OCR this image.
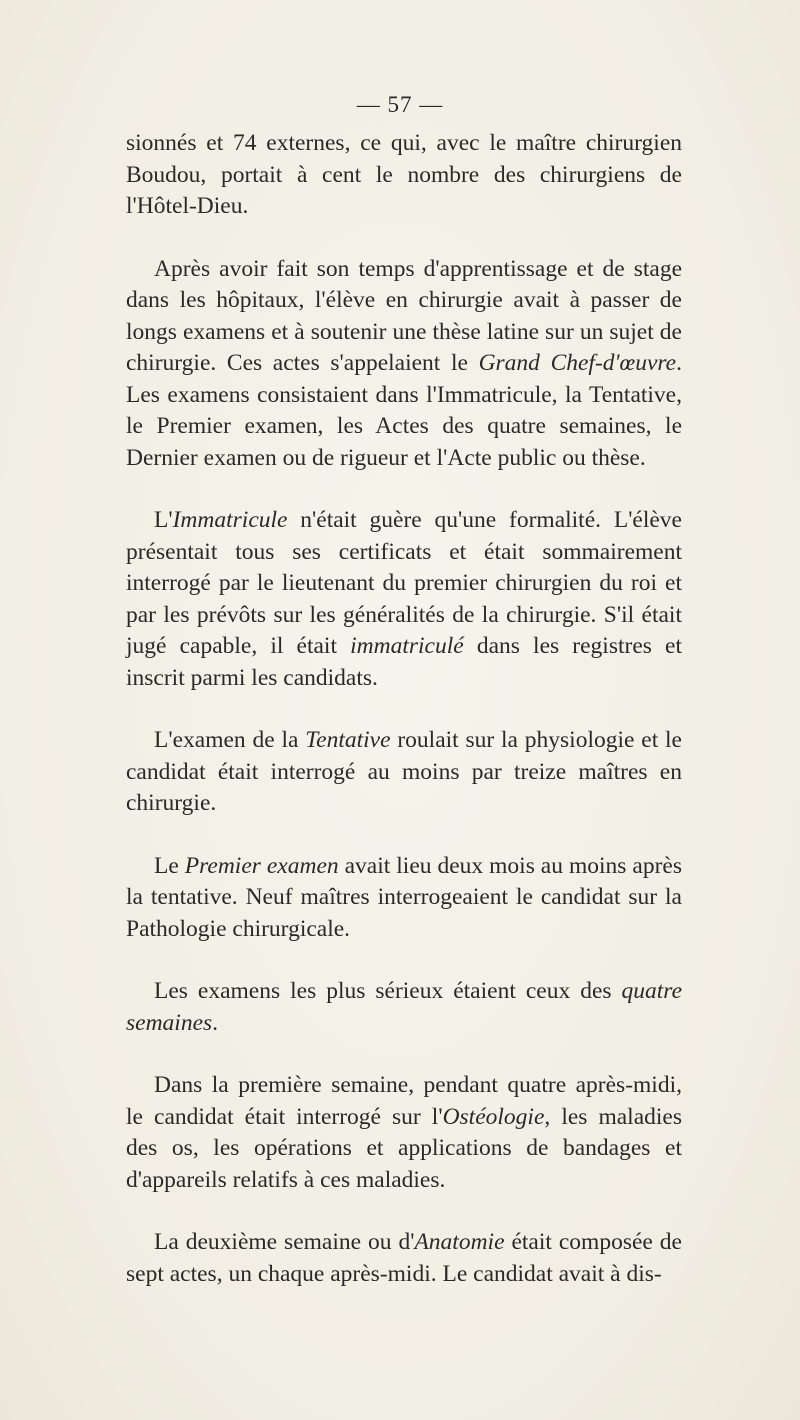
— 57 —

sionnés et 74 externes, ce qui, avec le maître chirurgien Boudou, portait à cent le nombre des chirurgiens de l'Hôtel-Dieu.

Après avoir fait son temps d'apprentissage et de stage dans les hôpitaux, l'élève en chirurgie avait à passer de longs examens et à soutenir une thèse latine sur un sujet de chirurgie. Ces actes s'appelaient le Grand Chef-d'œuvre. Les examens consistaient dans l'Immatricule, la Tentative, le Premier examen, les Actes des quatre semaines, le Dernier examen ou de rigueur et l'Acte public ou thèse.

L'Immatricule n'était guère qu'une formalité. L'élève présentait tous ses certificats et était sommairement interrogé par le lieutenant du premier chirurgien du roi et par les prévôts sur les généralités de la chirurgie. S'il était jugé capable, il était immatriculé dans les registres et inscrit parmi les candidats.

L'examen de la Tentative roulait sur la physiologie et le candidat était interrogé au moins par treize maîtres en chirurgie.

Le Premier examen avait lieu deux mois au moins après la tentative. Neuf maîtres interrogeaient le candidat sur la Pathologie chirurgicale.

Les examens les plus sérieux étaient ceux des quatre semaines.

Dans la première semaine, pendant quatre après-midi, le candidat était interrogé sur l'Ostéologie, les maladies des os, les opérations et applications de bandages et d'appareils relatifs à ces maladies.

La deuxième semaine ou d'Anatomie était composée de sept actes, un chaque après-midi. Le candidat avait à dis-
